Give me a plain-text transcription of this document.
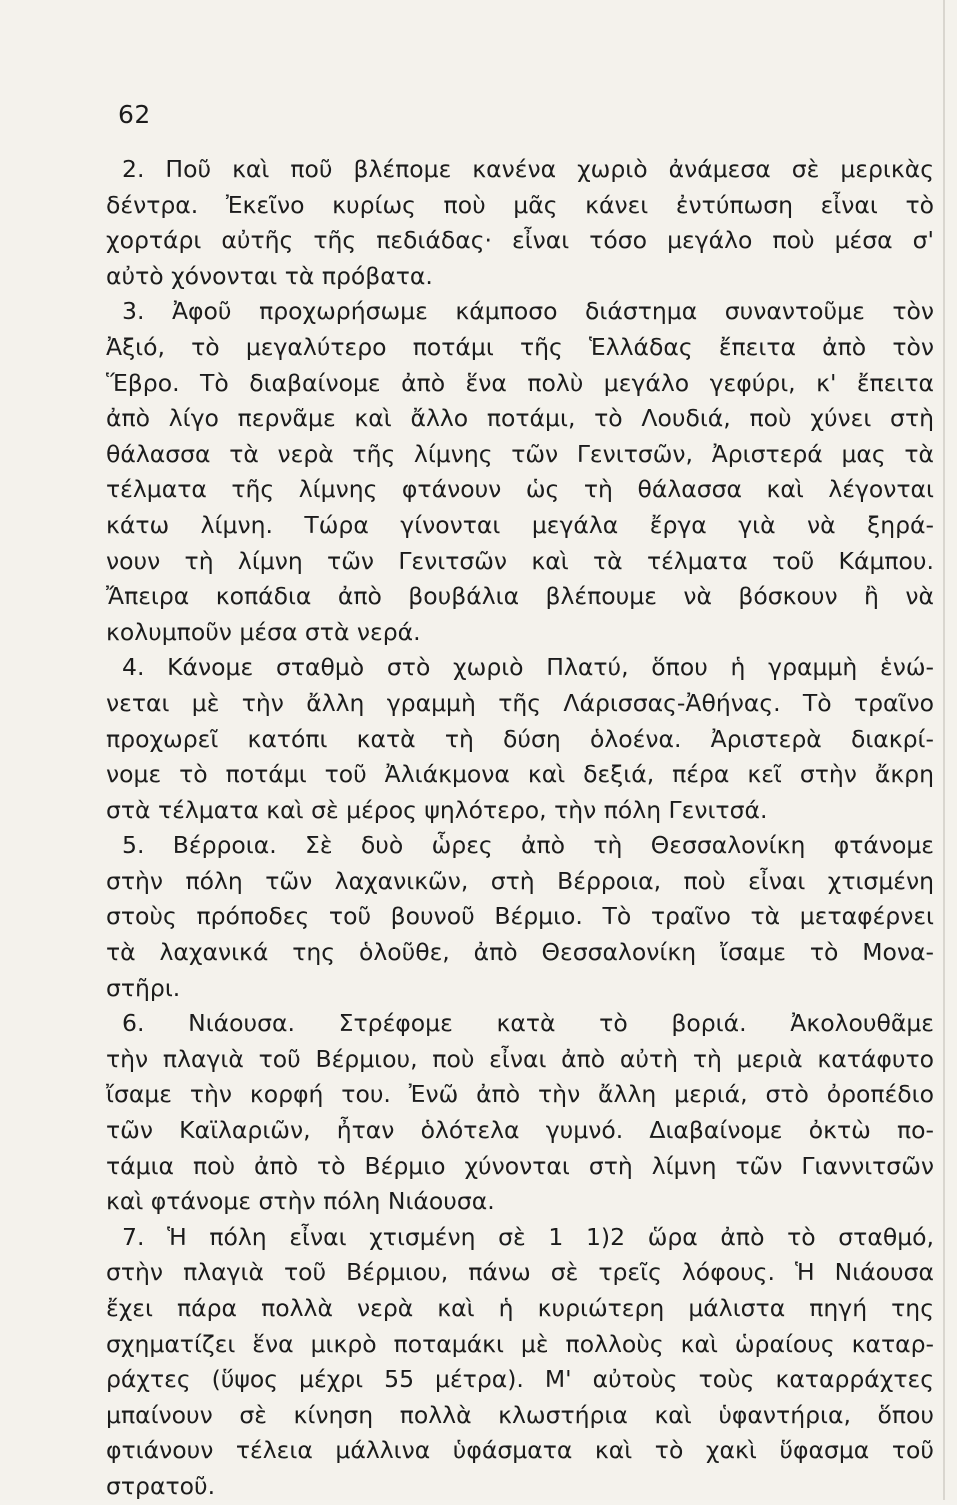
62
2. Ποῦ καὶ ποῦ βλέπομε κανένα χωριὸ ἀνάμεσα σὲ μερικὰς
δέντρα. Ἐκεῖνο κυρίως ποὺ μᾶς κάνει ἐντύπωση εἶναι τὸ
χορτάρι αὐτῆς τῆς πεδιάδας· εἶναι τόσο μεγάλο ποὺ μέσα σ'
αὐτὸ χόνονται τὰ πρόβατα.
3. Ἀφοῦ προχωρήσωμε κάμποσο διάστημα συναντοῦμε τὸν
Ἀξιό, τὸ μεγαλύτερο ποτάμι τῆς Ἑλλάδας ἔπειτα ἀπὸ τὸν
Ἕβρο. Τὸ διαβαίνομε ἀπὸ ἕνα πολὺ μεγάλο γεφύρι, κ' ἔπειτα
ἀπὸ λίγο περνᾶμε καὶ ἄλλο ποτάμι, τὸ Λουδιά, ποὺ χύνει στὴ
θάλασσα τὰ νερὰ τῆς λίμνης τῶν Γενιτσῶν, Ἀριστερά μας τὰ
τέλματα τῆς λίμνης φτάνουν ὡς τὴ θάλασσα καὶ λέγονται
κάτω λίμνη. Τώρα γίνονται μεγάλα ἔργα γιὰ νὰ ξηρά-
νουν τὴ λίμνη τῶν Γενιτσῶν καὶ τὰ τέλματα τοῦ Κάμπου.
Ἄπειρα κοπάδια ἀπὸ βουβάλια βλέπουμε νὰ βόσκουν ἢ νὰ
κολυμποῦν μέσα στὰ νερά.
4. Κάνομε σταθμὸ στὸ χωριὸ Πλατύ, ὅπου ἡ γραμμὴ ἑνώ-
νεται μὲ τὴν ἄλλη γραμμὴ τῆς Λάρισσας-Ἀθήνας. Τὸ τραῖνο
προχωρεῖ κατόπι κατὰ τὴ δύση ὁλοένα. Ἀριστερὰ διακρί-
νομε τὸ ποτάμι τοῦ Ἀλιάκμονα καὶ δεξιά, πέρα κεῖ στὴν ἄκρη
στὰ τέλματα καὶ σὲ μέρος ψηλότερο, τὴν πόλη Γενιτσά.
5. Βέρροια. Σὲ δυὸ ὧρες ἀπὸ τὴ Θεσσαλονίκη φτάνομε
στὴν πόλη τῶν λαχανικῶν, στὴ Βέρροια, ποὺ εἶναι χτισμένη
στοὺς πρόποδες τοῦ βουνοῦ Βέρμιο. Τὸ τραῖνο τὰ μεταφέρνει
τὰ λαχανικά της ὁλοῦθε, ἀπὸ Θεσσαλονίκη ἴσαμε τὸ Μονα-
στῆρι.
6. Νιάουσα. Στρέφομε κατὰ τὸ βοριά. Ἀκολουθᾶμε
τὴν πλαγιὰ τοῦ Βέρμιου, ποὺ εἶναι ἀπὸ αὐτὴ τὴ μεριὰ κατάφυτο
ἴσαμε τὴν κορφή του. Ἐνῶ ἀπὸ τὴν ἄλλη μεριά, στὸ ὀροπέδιο
τῶν Καϊλαριῶν, ἦταν ὁλότελα γυμνό. Διαβαίνομε ὀκτὼ πο-
τάμια ποὺ ἀπὸ τὸ Βέρμιο χύνονται στὴ λίμνη τῶν Γιαννιτσῶν
καὶ φτάνομε στὴν πόλη Νιάουσα.
7. Ἡ πόλη εἶναι χτισμένη σὲ 1 1)2 ὥρα ἀπὸ τὸ σταθμό,
στὴν πλαγιὰ τοῦ Βέρμιου, πάνω σὲ τρεῖς λόφους. Ἡ Νιάουσα
ἔχει πάρα πολλὰ νερὰ καὶ ἡ κυριώτερη μάλιστα πηγή της
σχηματίζει ἕνα μικρὸ ποταμάκι μὲ πολλοὺς καὶ ὡραίους καταρ-
ράχτες (ὕψος μέχρι 55 μέτρα). Μ' αὐτοὺς τοὺς καταρράχτες
μπαίνουν σὲ κίνηση πολλὰ κλωστήρια καὶ ὑφαντήρια, ὅπου
φτιάνουν τέλεια μάλλινα ὑφάσματα καὶ τὸ χακὶ ὕφασμα τοῦ
στρατοῦ.
